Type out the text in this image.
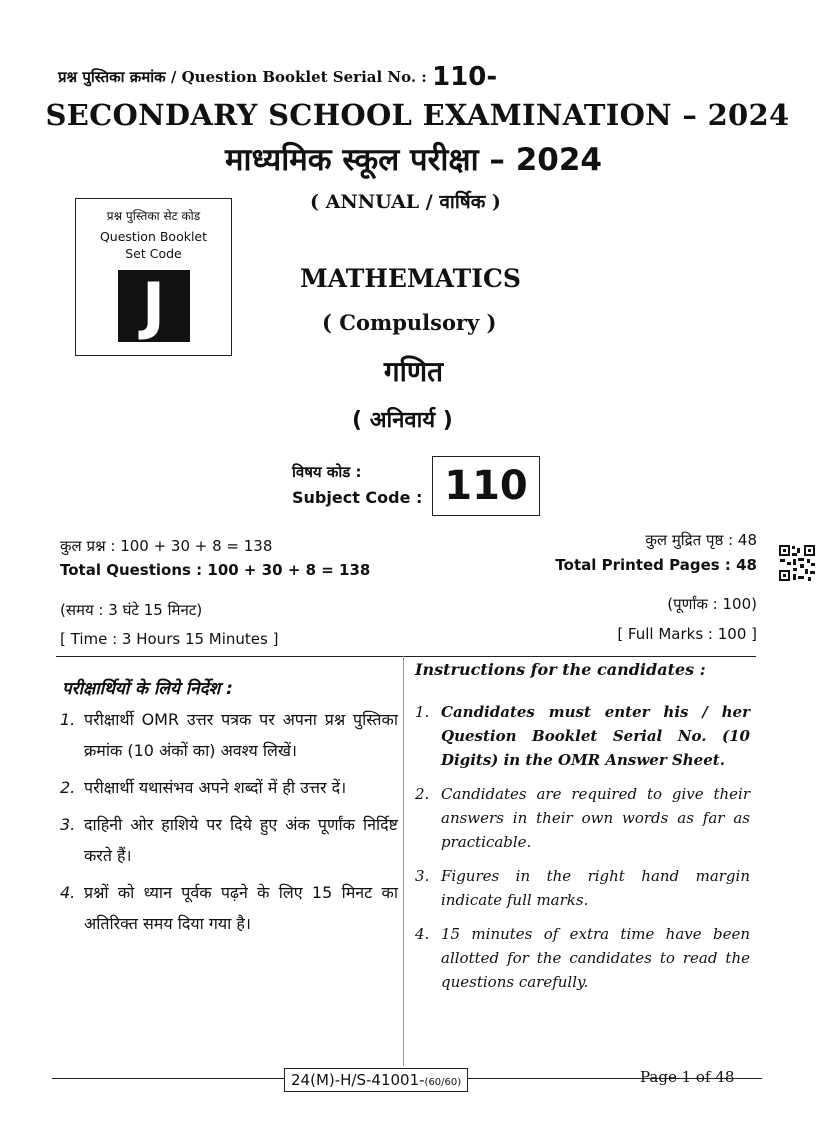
प्रश्न पुस्तिका क्रमांक / Question Booklet Serial No. : 110-
SECONDARY SCHOOL EXAMINATION – 2024
माध्यमिक स्कूल परीक्षा – 2024
( ANNUAL / वार्षिक )
प्रश्न पुस्तिका सेट कोड
Question Booklet
Set Code
J	MATHEMATICS
( Compulsory )
गणित
( अनिवार्य )
विषय कोड :
Subject Code : 110
कुल प्रश्न : 100 + 30 + 8 = 138
Total Questions : 100 + 30 + 8 = 138
कुल मुद्रित पृष्ठ : 48
Total Printed Pages : 48
(समय : 3 घंटे 15 मिनट)
[ Time : 3 Hours 15 Minutes ]
(पूर्णांक : 100)
[ Full Marks : 100 ]
परीक्षार्थियों के लिये निर्देश :
1. परीक्षार्थी OMR उत्तर पत्रक पर अपना प्रश्न पुस्तिका क्रमांक (10 अंकों का) अवश्य लिखें।
2. परीक्षार्थी यथासंभव अपने शब्दों में ही उत्तर दें।
3. दाहिनी ओर हाशिये पर दिये हुए अंक पूर्णांक निर्दिष्ट करते हैं।
4. प्रश्नों को ध्यान पूर्वक पढ़ने के लिए 15 मिनट का अतिरिक्त समय दिया गया है।
Instructions for the candidates :
1. Candidates must enter his / her Question Booklet Serial No. (10 Digits) in the OMR Answer Sheet.
2. Candidates are required to give their answers in their own words as far as practicable.
3. Figures in the right hand margin indicate full marks.
4. 15 minutes of extra time have been allotted for the candidates to read the questions carefully.
24(M)-H/S-41001-(60/60)	Page 1 of 48
